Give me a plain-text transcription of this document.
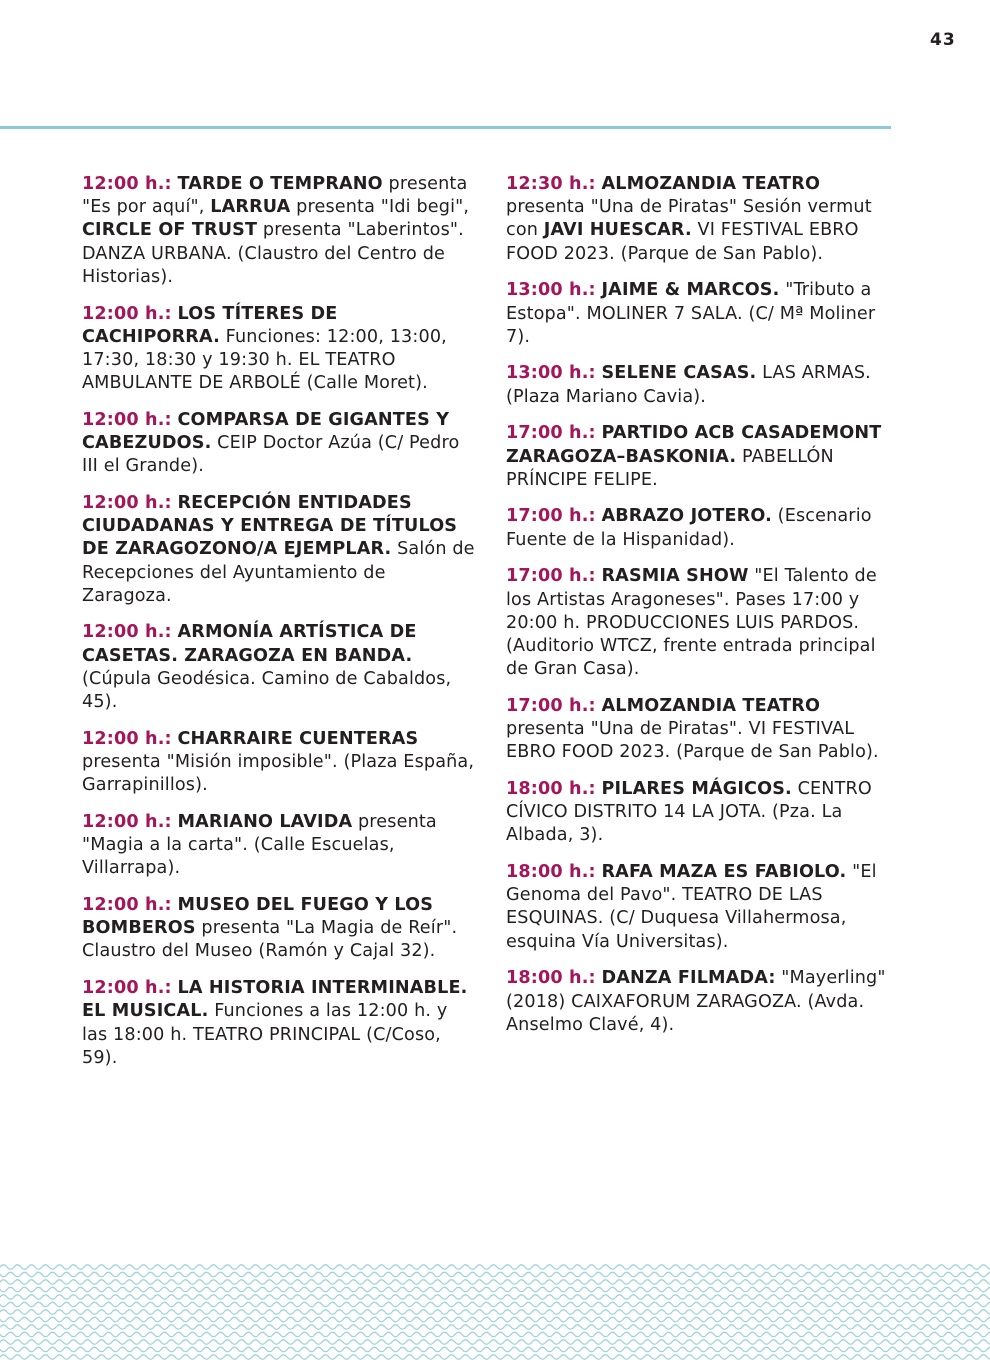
43

12:00 h.: TARDE O TEMPRANO presenta "Es por aquí", LARRUA presenta "Idi begi", CIRCLE OF TRUST presenta "Laberintos". DANZA URBANA. (Claustro del Centro de Historias).

12:00 h.: LOS TÍTERES DE CACHIPORRA. Funciones: 12:00, 13:00, 17:30, 18:30 y 19:30 h. EL TEATRO AMBULANTE DE ARBOLÉ (Calle Moret).

12:00 h.: COMPARSA DE GIGANTES Y CABEZUDOS. CEIP Doctor Azúa (C/ Pedro III el Grande).

12:00 h.: RECEPCIÓN ENTIDADES CIUDADANAS Y ENTREGA DE TÍTULOS DE ZARAGOZONO/A EJEMPLAR. Salón de Recepciones del Ayuntamiento de Zaragoza.

12:00 h.: ARMONÍA ARTÍSTICA DE CASETAS. ZARAGOZA EN BANDA. (Cúpula Geodésica. Camino de Cabaldos, 45).

12:00 h.: CHARRAIRE CUENTERAS presenta "Misión imposible". (Plaza España, Garrapinillos).

12:00 h.: MARIANO LAVIDA presenta "Magia a la carta". (Calle Escuelas, Villarrapa).

12:00 h.: MUSEO DEL FUEGO Y LOS BOMBEROS presenta "La Magia de Reír". Claustro del Museo (Ramón y Cajal 32).

12:00 h.: LA HISTORIA INTERMINABLE. EL MUSICAL. Funciones a las 12:00 h. y las 18:00 h. TEATRO PRINCIPAL (C/Coso, 59).

12:30 h.: ALMOZANDIA TEATRO presenta "Una de Piratas" Sesión vermut con JAVI HUESCAR. VI FESTIVAL EBRO FOOD 2023. (Parque de San Pablo).

13:00 h.: JAIME & MARCOS. "Tributo a Estopa". MOLINER 7 SALA. (C/ Mª Moliner 7).

13:00 h.: SELENE CASAS. LAS ARMAS. (Plaza Mariano Cavia).

17:00 h.: PARTIDO ACB CASADEMONT ZARAGOZA–BASKONIA. PABELLÓN PRÍNCIPE FELIPE.

17:00 h.: ABRAZO JOTERO. (Escenario Fuente de la Hispanidad).

17:00 h.: RASMIA SHOW "El Talento de los Artistas Aragoneses". Pases 17:00 y 20:00 h. PRODUCCIONES LUIS PARDOS. (Auditorio WTCZ, frente entrada principal de Gran Casa).

17:00 h.: ALMOZANDIA TEATRO presenta "Una de Piratas". VI FESTIVAL EBRO FOOD 2023. (Parque de San Pablo).

18:00 h.: PILARES MÁGICOS. CENTRO CÍVICO DISTRITO 14 LA JOTA. (Pza. La Albada, 3).

18:00 h.: RAFA MAZA ES FABIOLO. "El Genoma del Pavo". TEATRO DE LAS ESQUINAS. (C/ Duquesa Villahermosa, esquina Vía Universitas).

18:00 h.: DANZA FILMADA: "Mayerling" (2018) CAIXAFORUM ZARAGOZA. (Avda. Anselmo Clavé, 4).
